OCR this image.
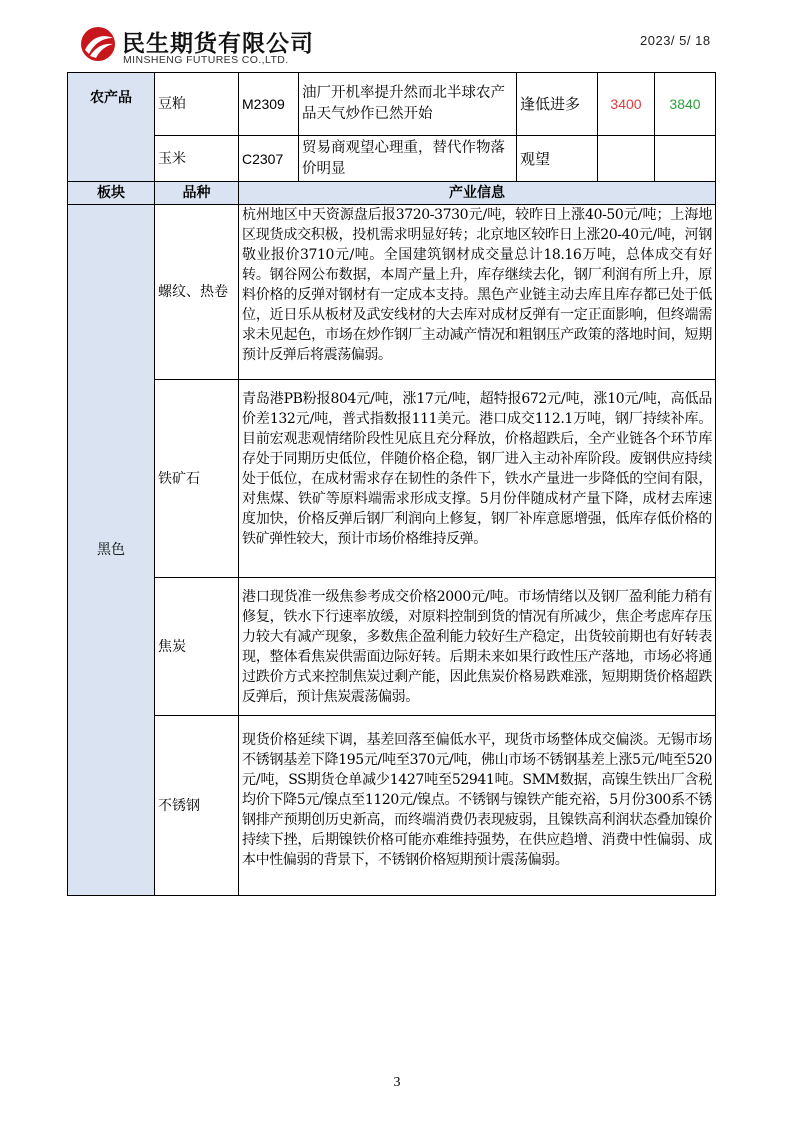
民生期货有限公司
MINSHENG FUTURES CO.,LTD.
2023/ 5/ 18
农产品	豆粕	M2309	油厂开机率提升然而北半球农产品天气炒作已然开始	逢低进多	3400	3840
	玉米	C2307	贸易商观望心理重，替代作物落价明显	观望		
板块	品种	产业信息				
黑色	螺纹、热卷	杭州地区中天资源盘后报3720-3730元/吨，较昨日上涨40-50元/吨；上海地区现货成交积极，投机需求明显好转；北京地区较昨日上涨20-40元/吨，河钢敬业报价3710元/吨。全国建筑钢材成交量总计18.16万吨，总体成交有好转。钢谷网公布数据，本周产量上升，库存继续去化，钢厂利润有所上升，原料价格的反弹对钢材有一定成本支持。黑色产业链主动去库且库存都已处于低位，近日乐从板材及武安线材的大去库对成材反弹有一定正面影响，但终端需求未见起色，市场在炒作钢厂主动减产情况和粗钢压产政策的落地时间，短期预计反弹后将震荡偏弱。				
	铁矿石	青岛港PB粉报804元/吨，涨17元/吨，超特报672元/吨，涨10元/吨，高低品价差132元/吨，普式指数报111美元。港口成交112.1万吨，钢厂持续补库。目前宏观悲观情绪阶段性见底且充分释放，价格超跌后，全产业链各个环节库存处于同期历史低位，伴随价格企稳，钢厂进入主动补库阶段。废钢供应持续处于低位，在成材需求存在韧性的条件下，铁水产量进一步降低的空间有限，对焦煤、铁矿等原料端需求形成支撑。5月份伴随成材产量下降，成材去库速度加快，价格反弹后钢厂利润向上修复，钢厂补库意愿增强，低库存低价格的铁矿弹性较大，预计市场价格维持反弹。				
	焦炭	港口现货准一级焦参考成交价格2000元/吨。市场情绪以及钢厂盈利能力稍有修复，铁水下行速率放缓，对原料控制到货的情况有所减少，焦企考虑库存压力较大有减产现象，多数焦企盈利能力较好生产稳定，出货较前期也有好转表现，整体看焦炭供需面边际好转。后期未来如果行政性压产落地，市场必将通过跌价方式来控制焦炭过剩产能，因此焦炭价格易跌难涨，短期期货价格超跌反弹后，预计焦炭震荡偏弱。				
	不锈钢	现货价格延续下调，基差回落至偏低水平，现货市场整体成交偏淡。无锡市场不锈钢基差下降195元/吨至370元/吨，佛山市场不锈钢基差上涨5元/吨至520元/吨，SS期货仓单减少1427吨至52941吨。SMM数据，高镍生铁出厂含税均价下降5元/镍点至1120元/镍点。不锈钢与镍铁产能充裕，5月份300系不锈钢排产预期创历史新高，而终端消费仍表现疲弱，且镍铁高利润状态叠加镍价持续下挫，后期镍铁价格可能亦难维持强势，在供应趋增、消费中性偏弱、成本中性偏弱的背景下，不锈钢价格短期预计震荡偏弱。				
3
